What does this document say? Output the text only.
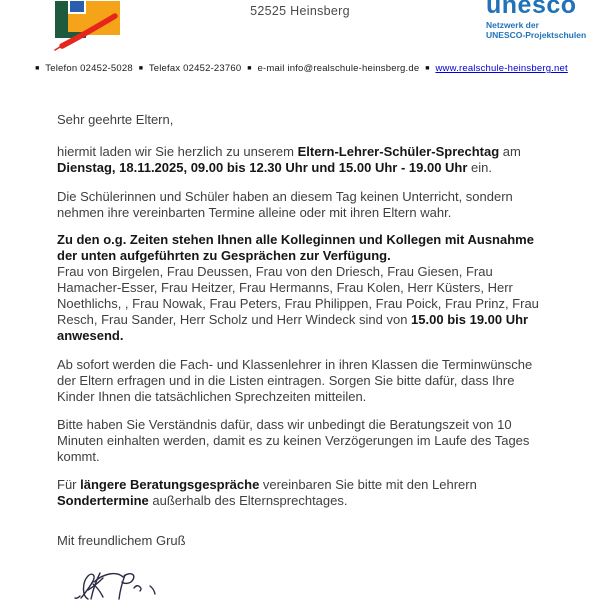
52525 Heinsberg	unesco
Netzwerk der
UNESCO-Projektschulen
■ Telefon 02452-5028 ■ Telefax 02452-23760 ■ e-mail info@realschule-heinsberg.de ■ www.realschule-heinsberg.net

Sehr geehrte Eltern,

hiermit laden wir Sie herzlich zu unserem Eltern-Lehrer-Schüler-Sprechtag am Dienstag, 18.11.2025, 09.00 bis 12.30 Uhr und 15.00 Uhr - 19.00 Uhr ein.

Die Schülerinnen und Schüler haben an diesem Tag keinen Unterricht, sondern nehmen ihre vereinbarten Termine alleine oder mit ihren Eltern wahr.

Zu den o.g. Zeiten stehen Ihnen alle Kolleginnen und Kollegen mit Ausnahme der unten aufgeführten zu Gesprächen zur Verfügung.

Frau von Birgelen, Frau Deussen, Frau von den Driesch, Frau Giesen, Frau Hamacher-Esser, Frau Heitzer, Frau Hermanns, Frau Kolen, Herr Küsters, Herr Noethlichs, , Frau Nowak, Frau Peters, Frau Philippen, Frau Poick, Frau Prinz, Frau Resch, Frau Sander, Herr Scholz und Herr Windeck sind von 15.00 bis 19.00 Uhr anwesend.

Ab sofort werden die Fach- und Klassenlehrer in ihren Klassen die Terminwünsche der Eltern erfragen und in die Listen eintragen. Sorgen Sie bitte dafür, dass Ihre Kinder Ihnen die tatsächlichen Sprechzeiten mitteilen.

Bitte haben Sie Verständnis dafür, dass wir unbedingt die Beratungszeit von 10 Minuten einhalten werden, damit es zu keinen Verzögerungen im Laufe des Tages kommt.

Für längere Beratungsgespräche vereinbaren Sie bitte mit den Lehrern Sondertermine außerhalb des Elternsprechtages.

Mit freundlichem Gruß
